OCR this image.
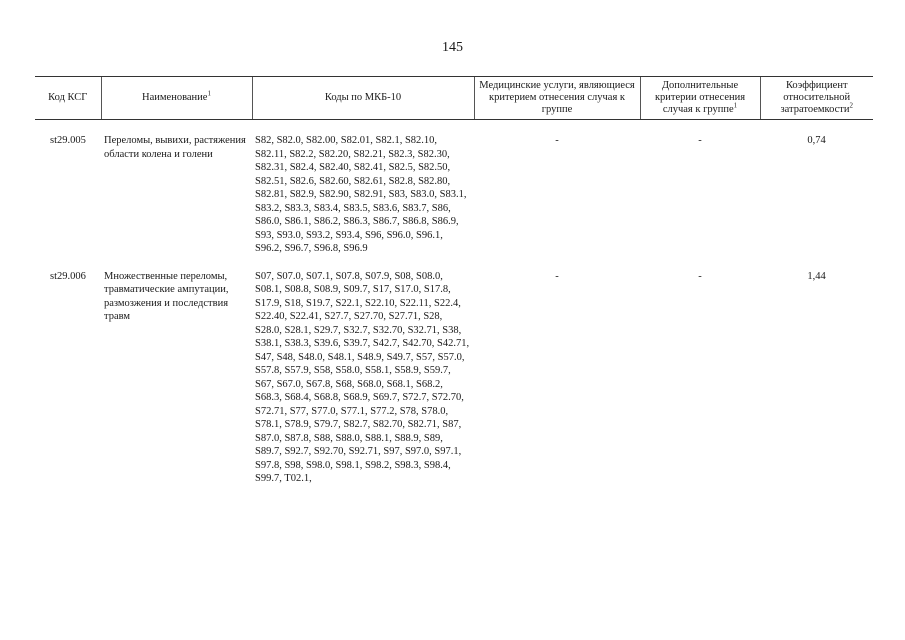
145
Код КСГ	Наименование$^1$	Коды по МКБ-10	Медицинские услуги, являющиеся критерием отнесения случая к группе	Дополнительные критерии отнесения случая к группе$^1$	Коэффициент относительной затратоемкости$^2$

st29.005	Переломы, вывихи, растяжения области колена и голени	S82, S82.0, S82.00, S82.01, S82.1, S82.10, S82.11, S82.2, S82.20, S82.21, S82.3, S82.30, S82.31, S82.4, S82.40, S82.41, S82.5, S82.50, S82.51, S82.6, S82.60, S82.61, S82.8, S82.80, S82.81, S82.9, S82.90, S82.91, S83, S83.0, S83.1, S83.2, S83.3, S83.4, S83.5, S83.6, S83.7, S86, S86.0, S86.1, S86.2, S86.3, S86.7, S86.8, S86.9, S93, S93.0, S93.2, S93.4, S96, S96.0, S96.1, S96.2, S96.7, S96.8, S96.9	-	-	0,74

st29.006	Множественные переломы, травматические ампутации, размозжения и последствия травм	S07, S07.0, S07.1, S07.8, S07.9, S08, S08.0, S08.1, S08.8, S08.9, S09.7, S17, S17.0, S17.8, S17.9, S18, S19.7, S22.1, S22.10, S22.11, S22.4, S22.40, S22.41, S27.7, S27.70, S27.71, S28, S28.0, S28.1, S29.7, S32.7, S32.70, S32.71, S38, S38.1, S38.3, S39.6, S39.7, S42.7, S42.70, S42.71, S47, S48, S48.0, S48.1, S48.9, S49.7, S57, S57.0, S57.8, S57.9, S58, S58.0, S58.1, S58.9, S59.7, S67, S67.0, S67.8, S68, S68.0, S68.1, S68.2, S68.3, S68.4, S68.8, S68.9, S69.7, S72.7, S72.70, S72.71, S77, S77.0, S77.1, S77.2, S78, S78.0, S78.1, S78.9, S79.7, S82.7, S82.70, S82.71, S87, S87.0, S87.8, S88, S88.0, S88.1, S88.9, S89, S89.7, S92.7, S92.70, S92.71, S97, S97.0, S97.1, S97.8, S98, S98.0, S98.1, S98.2, S98.3, S98.4, S99.7, T02.1,	-	-	1,44
